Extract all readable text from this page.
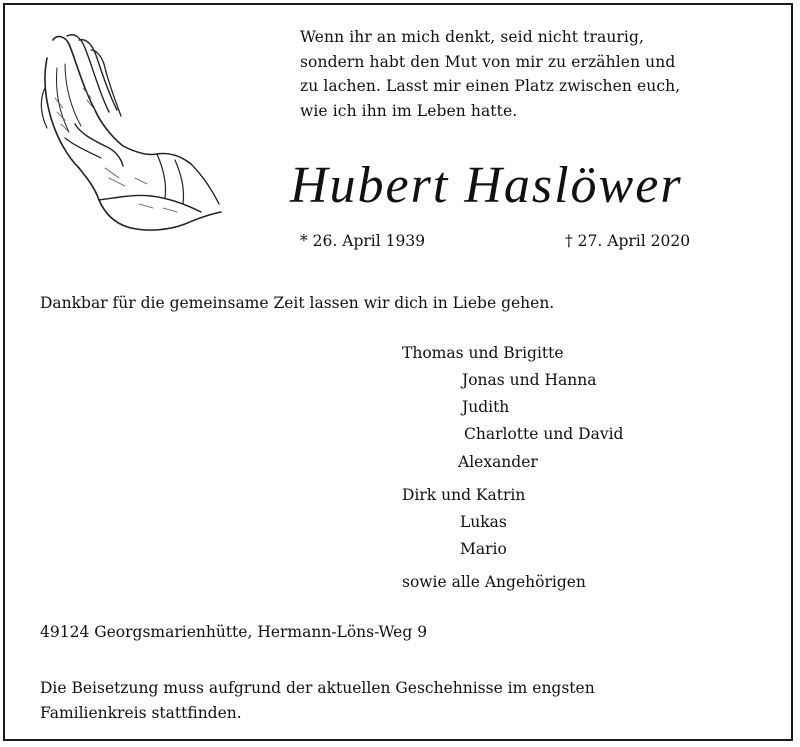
Wenn ihr an mich denkt, seid nicht traurig,
sondern habt den Mut von mir zu erzählen und
zu lachen. Lasst mir einen Platz zwischen euch,
wie ich ihn im Leben hatte.
Hubert Haslöwer
* 26. April 1939	† 27. April 2020
Dankbar für die gemeinsame Zeit lassen wir dich in Liebe gehen.
Thomas und Brigitte
Jonas und Hanna
Judith
Charlotte und David
Alexander
Dirk und Katrin
Lukas
Mario
sowie alle Angehörigen
49124 Georgsmarienhütte, Hermann-Löns-Weg 9
Die Beisetzung muss aufgrund der aktuellen Geschehnisse im engsten
Familienkreis stattfinden.
